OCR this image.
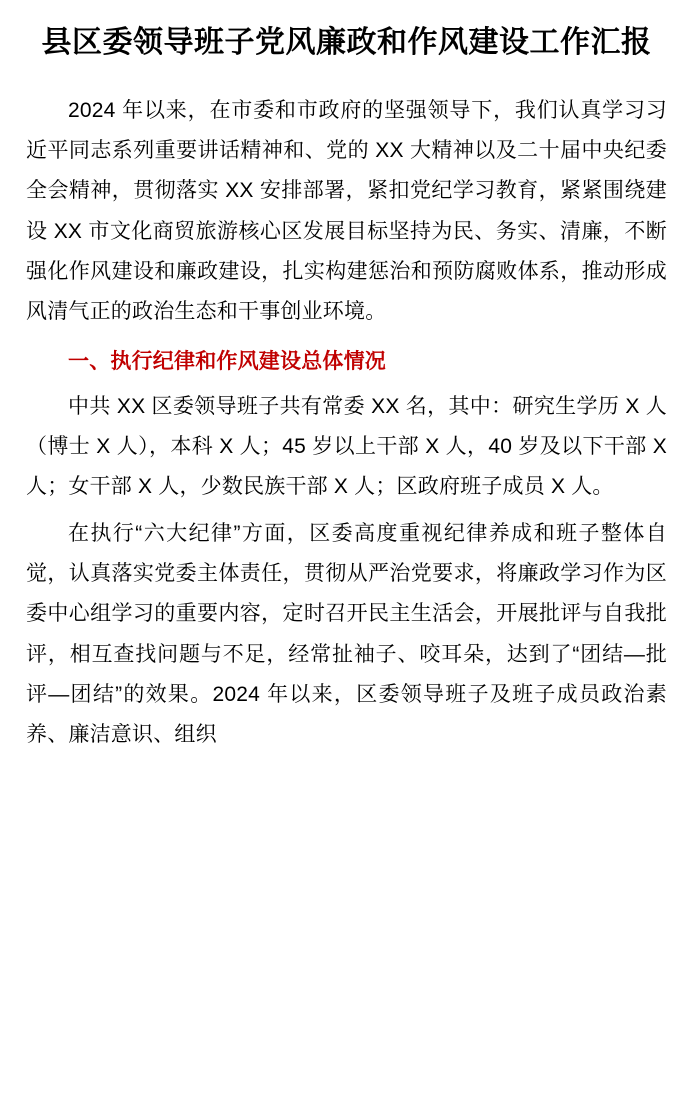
县区委领导班子党风廉政和作风建设工作汇报

2024 年以来，在市委和市政府的坚强领导下，我们认真学习习近平同志系列重要讲话精神和、党的 XX 大精神以及二十届中央纪委全会精神，贯彻落实 XX 安排部署，紧扣党纪学习教育，紧紧围绕建设 XX 市文化商贸旅游核心区发展目标坚持为民、务实、清廉，不断强化作风建设和廉政建设，扎实构建惩治和预防腐败体系，推动形成风清气正的政治生态和干事创业环境。

一、执行纪律和作风建设总体情况

中共 XX 区委领导班子共有常委 XX 名，其中：研究生学历 X 人（博士 X 人），本科 X 人；45 岁以上干部 X 人，40 岁及以下干部 X 人；女干部 X 人，少数民族干部 X 人；区政府班子成员 X 人。

在执行“六大纪律”方面，区委高度重视纪律养成和班子整体自觉，认真落实党委主体责任，贯彻从严治党要求，将廉政学习作为区委中心组学习的重要内容，定时召开民主生活会，开展批评与自我批评，相互查找问题与不足，经常扯袖子、咬耳朵，达到了“团结—批评—团结”的效果。2024 年以来，区委领导班子及班子成员政治素养、廉洁意识、组织
